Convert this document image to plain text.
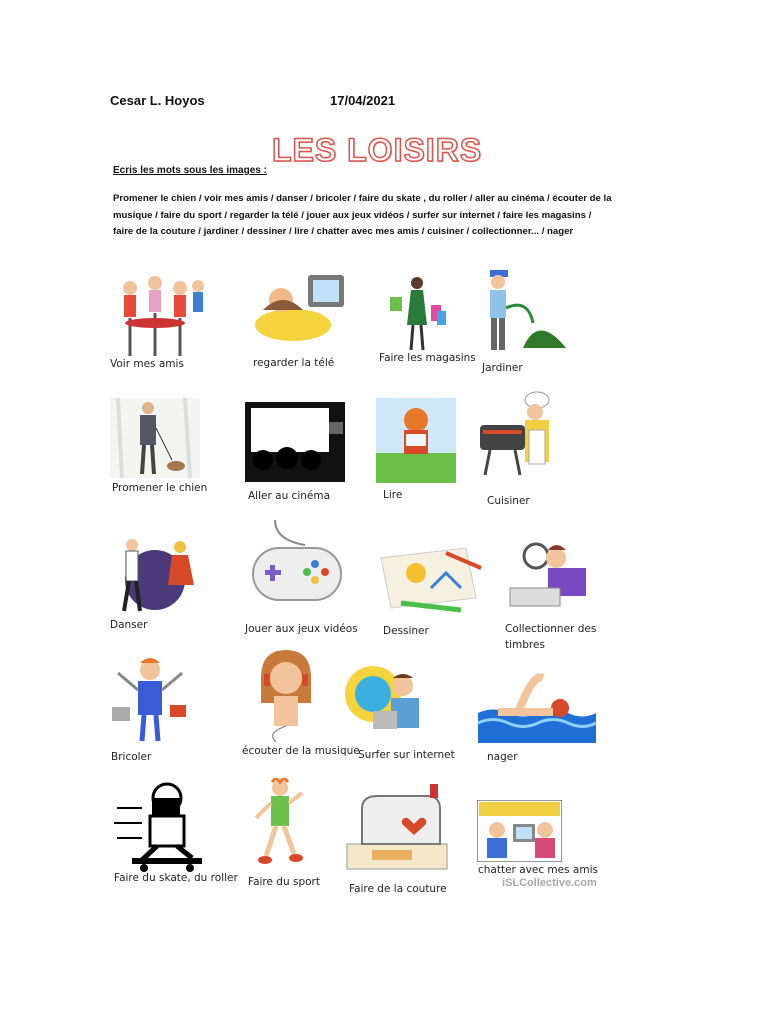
Cesar L. Hoyos	17/04/2021
LES LOISIRS
Ecris les mots sous les images :
Promener le chien / voir mes amis / danser / bricoler / faire du skate , du roller / aller au cinéma / écouter de la musique / faire du sport / regarder la télé / jouer aux jeux vidéos / surfer sur internet / faire les magasins / faire de la couture / jardiner / dessiner / lire / chatter avec mes amis / cuisiner / collectionner... / nager
Voir mes amis	regarder la télé	Faire les magasins
Jardiner
Promener le chien
Aller au cinéma	Lire	Cuisiner
Danser	Jouer aux jeux vidéos Dessiner	Collectionner des
timbres
Bricoler	écouter de la musique
Surfer sur internet	nager
Faire du skate, du roller Faire du sport
Faire de la couture
chatter avec mes amis
iSLCollective.com
